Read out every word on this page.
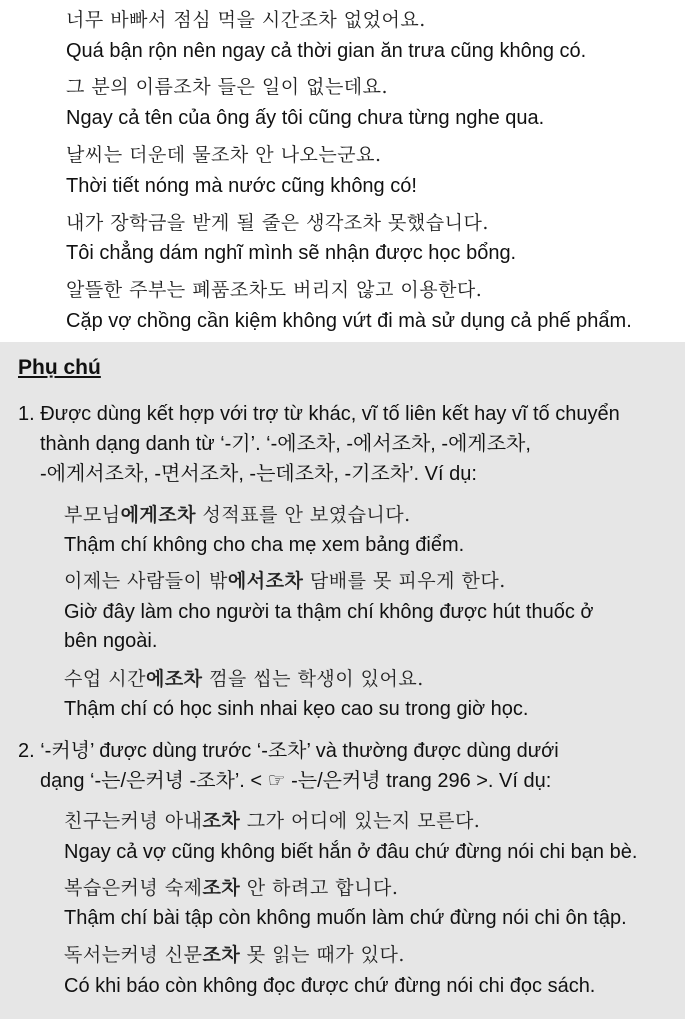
너무 바빠서 점심 먹을 시간조차 없었어요.
Quá bận rộn nên ngay cả thời gian ăn trưa cũng không có.
그 분의 이름조차 들은 일이 없는데요.
Ngay cả tên của ông ấy tôi cũng chưa từng nghe qua.
날씨는 더운데 물조차 안 나오는군요.
Thời tiết nóng mà nước cũng không có!
내가 장학금을 받게 될 줄은 생각조차 못했습니다.
Tôi chẳng dám nghĩ mình sẽ nhận được học bổng.
알뜰한 주부는 폐품조차도 버리지 않고 이용한다.
Cặp vợ chồng cần kiệm không vứt đi mà sử dụng cả phế phẩm.
Phụ chú
1. Được dùng kết hợp với trợ từ khác, vĩ tố liên kết hay vĩ tố chuyển
thành dạng danh từ ‘-기’. ‘-에조차, -에서조차, -에게조차,
-에게서조차, -면서조차, -는데조차, -기조차’. Ví dụ:
부모님에게조차 성적표를 안 보였습니다.
Thậm chí không cho cha mẹ xem bảng điểm.
이제는 사람들이 밖에서조차 담배를 못 피우게 한다.
Giờ đây làm cho người ta thậm chí không được hút thuốc ở
bên ngoài.
수업 시간에조차 껌을 씹는 학생이 있어요.
Thậm chí có học sinh nhai kẹo cao su trong giờ học.
2. ‘-커녕’ được dùng trước ‘-조차’ và thường được dùng dưới
dạng ‘-는/은커녕 -조차’. < ☞ -는/은커녕 trang 296 >. Ví dụ:
친구는커녕 아내조차 그가 어디에 있는지 모른다.
Ngay cả vợ cũng không biết hắn ở đâu chứ đừng nói chi bạn bè.
복습은커녕 숙제조차 안 하려고 합니다.
Thậm chí bài tập còn không muốn làm chứ đừng nói chi ôn tập.
독서는커녕 신문조차 못 읽는 때가 있다.
Có khi báo còn không đọc được chứ đừng nói chi đọc sách.
